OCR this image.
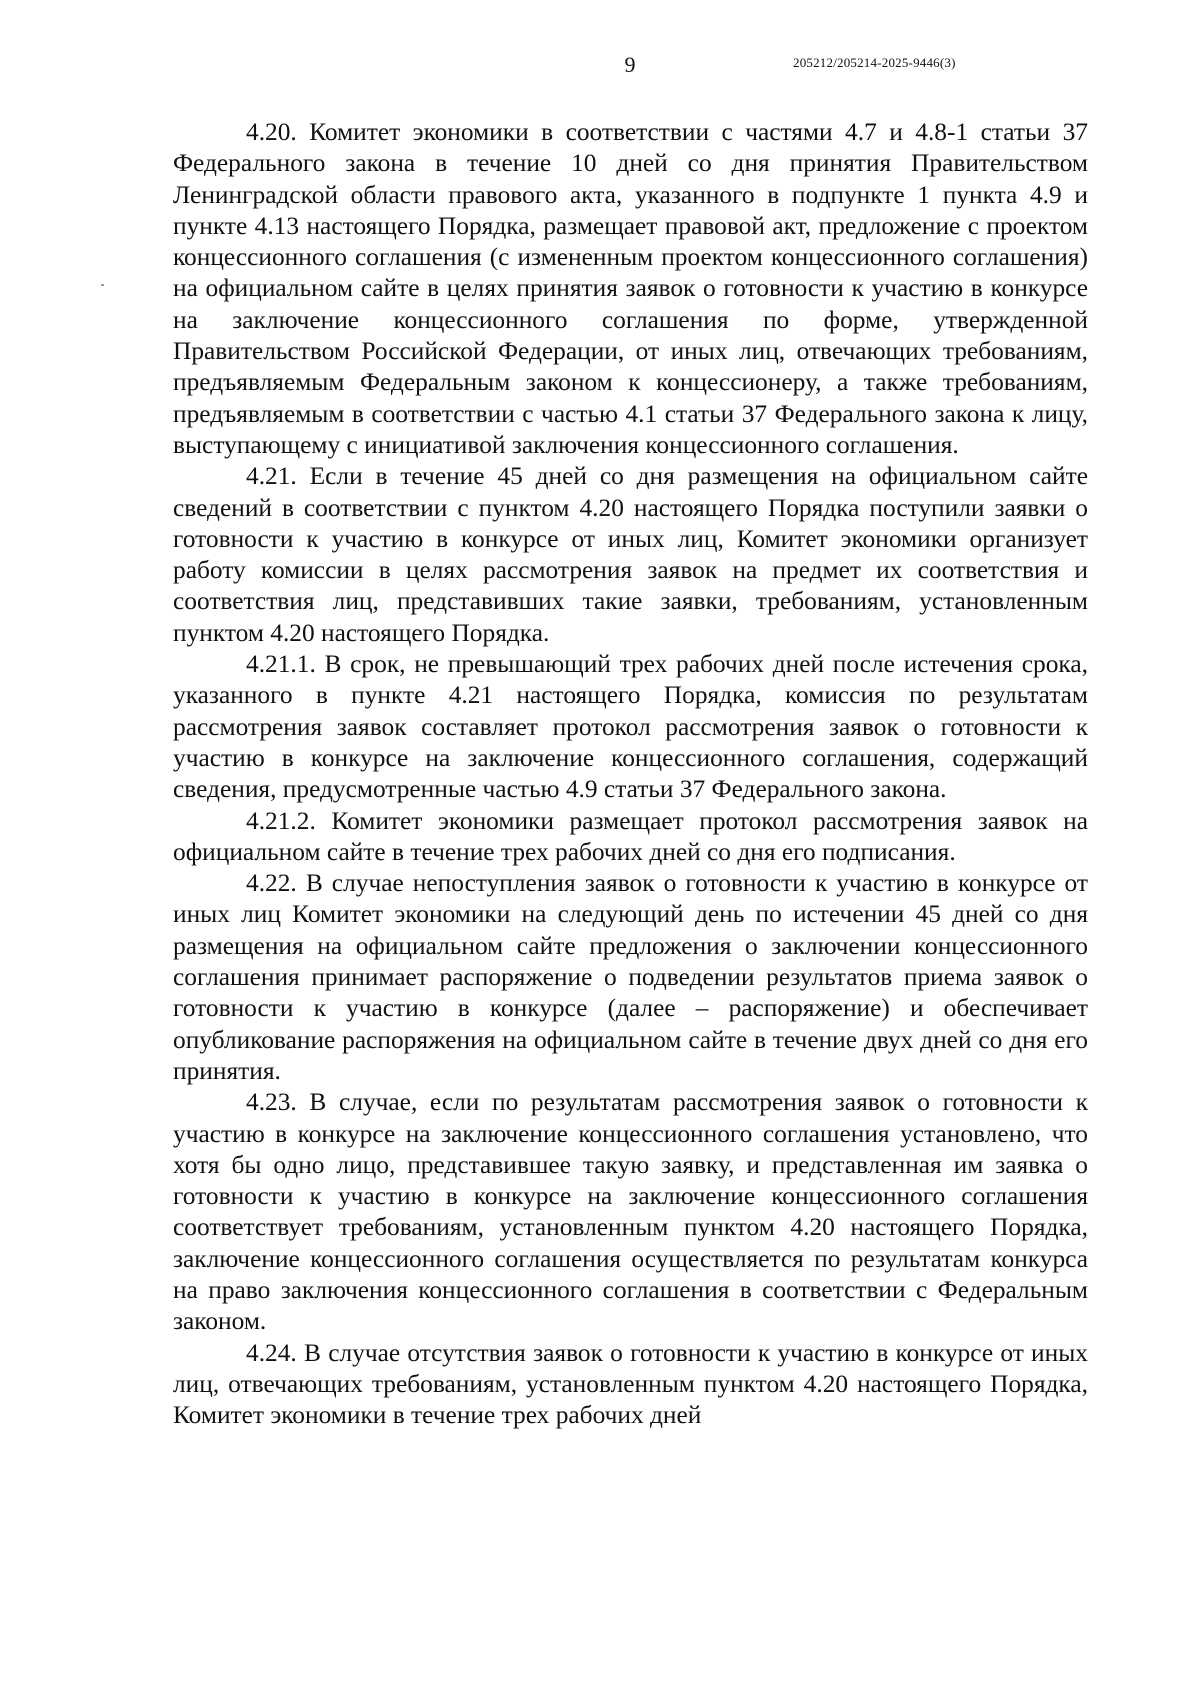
9	205212/205214-2025-9446(3)

4.20. Комитет экономики в соответствии с частями 4.7 и 4.8-1 статьи 37 Федерального закона в течение 10 дней со дня принятия Правительством Ленинградской области правового акта, указанного в подпункте 1 пункта 4.9 и пункте 4.13 настоящего Порядка, размещает правовой акт, предложение с проектом концессионного соглашения (с измененным проектом концессионного соглашения) на официальном сайте в целях принятия заявок о готовности к участию в конкурсе на заключение концессионного соглашения по форме, утвержденной Правительством Российской Федерации, от иных лиц, отвечающих требованиям, предъявляемым Федеральным законом к концессионеру, а также требованиям, предъявляемым в соответствии с частью 4.1 статьи 37 Федерального закона к лицу, выступающему с инициативой заключения концессионного соглашения.

4.21. Если в течение 45 дней со дня размещения на официальном сайте сведений в соответствии с пунктом 4.20 настоящего Порядка поступили заявки о готовности к участию в конкурсе от иных лиц, Комитет экономики организует работу комиссии в целях рассмотрения заявок на предмет их соответствия и соответствия лиц, представивших такие заявки, требованиям, установленным пунктом 4.20 настоящего Порядка.

4.21.1. В срок, не превышающий трех рабочих дней после истечения срока, указанного в пункте 4.21 настоящего Порядка, комиссия по результатам рассмотрения заявок составляет протокол рассмотрения заявок о готовности к участию в конкурсе на заключение концессионного соглашения, содержащий сведения, предусмотренные частью 4.9 статьи 37 Федерального закона.

4.21.2. Комитет экономики размещает протокол рассмотрения заявок на официальном сайте в течение трех рабочих дней со дня его подписания.

4.22. В случае непоступления заявок о готовности к участию в конкурсе от иных лиц Комитет экономики на следующий день по истечении 45 дней со дня размещения на официальном сайте предложения о заключении концессионного соглашения принимает распоряжение о подведении результатов приема заявок о готовности к участию в конкурсе (далее – распоряжение) и обеспечивает опубликование распоряжения на официальном сайте в течение двух дней со дня его принятия.

4.23. В случае, если по результатам рассмотрения заявок о готовности к участию в конкурсе на заключение концессионного соглашения установлено, что хотя бы одно лицо, представившее такую заявку, и представленная им заявка о готовности к участию в конкурсе на заключение концессионного соглашения соответствует требованиям, установленным пунктом 4.20 настоящего Порядка, заключение концессионного соглашения осуществляется по результатам конкурса на право заключения концессионного соглашения в соответствии с Федеральным законом.

4.24. В случае отсутствия заявок о готовности к участию в конкурсе от иных лиц, отвечающих требованиям, установленным пунктом 4.20 настоящего Порядка, Комитет экономики в течение трех рабочих дней
